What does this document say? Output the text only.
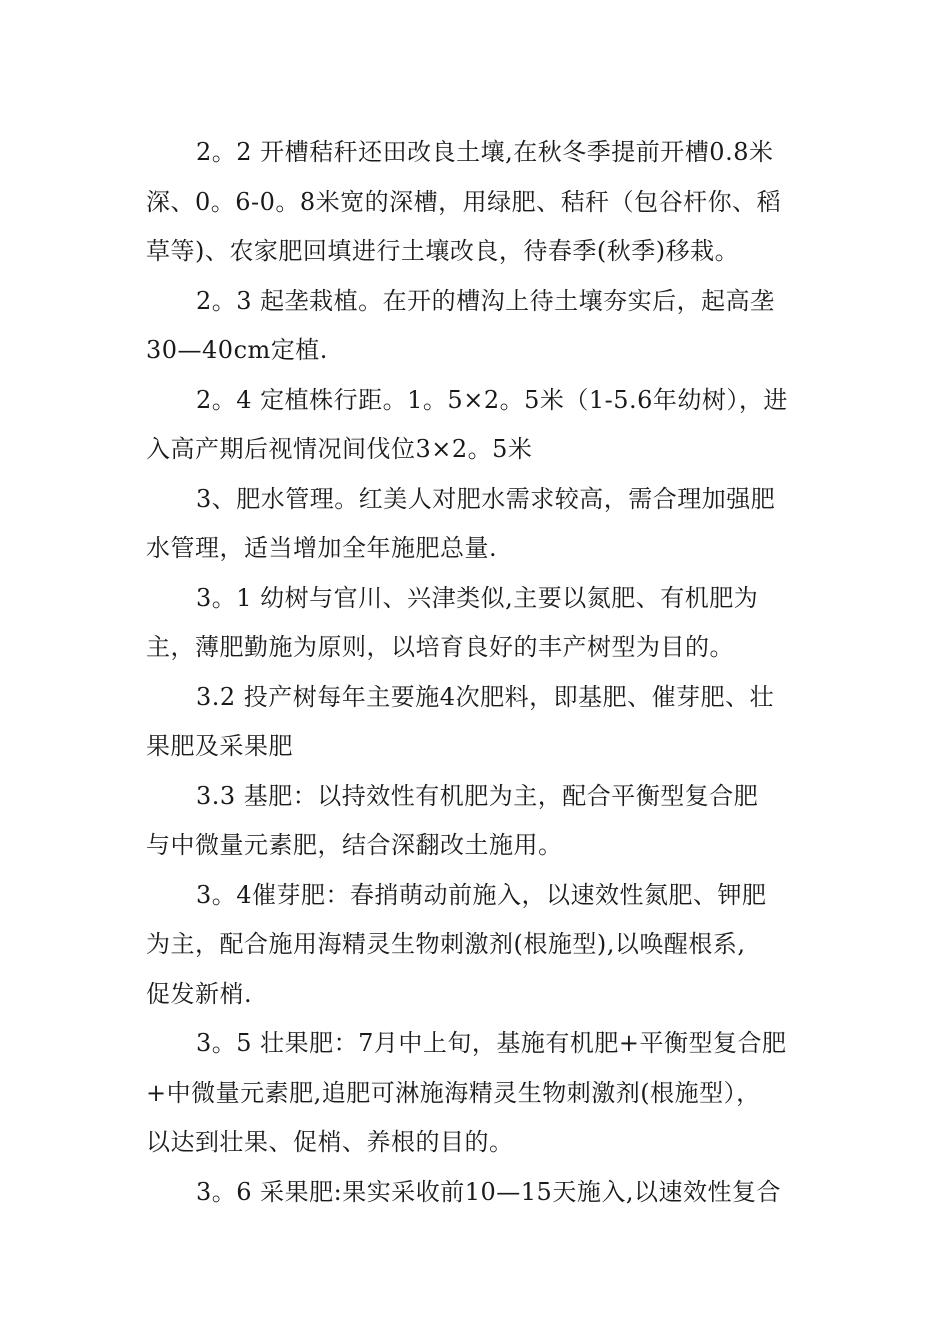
2。2 开槽秸秆还田改良土壤,在秋冬季提前开槽0.8米
深、0。6-0。8米宽的深槽，用绿肥、秸秆（包谷杆你、稻
草等)、农家肥回填进行土壤改良，待春季(秋季)移栽。
2。3 起垄栽植。在开的槽沟上待土壤夯实后，起高垄
30—40cm定植.
2。4 定植株行距。1。5×2。5米（1-5.6年幼树），进
入高产期后视情况间伐位3×2。5米
3、肥水管理。红美人对肥水需求较高，需合理加强肥
水管理，适当增加全年施肥总量.
3。1 幼树与官川、兴津类似,主要以氮肥、有机肥为
主，薄肥勤施为原则，以培育良好的丰产树型为目的。
3.2 投产树每年主要施4次肥料，即基肥、催芽肥、壮
果肥及采果肥
3.3 基肥：以持效性有机肥为主，配合平衡型复合肥
与中微量元素肥，结合深翻改土施用。
3。4催芽肥：春捎萌动前施入，以速效性氮肥、钾肥
为主，配合施用海精灵生物刺激剂(根施型),以唤醒根系,
促发新梢.
3。5 壮果肥：7月中上旬，基施有机肥+平衡型复合肥
+中微量元素肥,追肥可淋施海精灵生物刺激剂(根施型），
以达到壮果、促梢、养根的目的。
3。6 采果肥:果实采收前10—15天施入,以速效性复合
